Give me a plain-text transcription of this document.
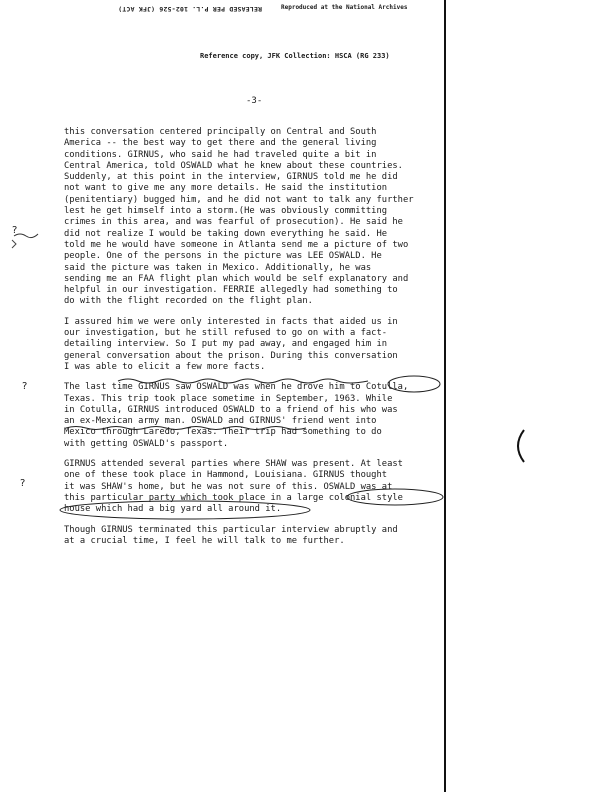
RELEASED PER P.L. 102-526 (JFK ACT)	Reproduced at the National Archives
Reference copy, JFK Collection: HSCA (RG 233)
-3-

this conversation centered principally on Central and South
America -- the best way to get there and the general living
conditions. GIRNUS, who said he had traveled quite a bit in
Central America, told OSWALD what he knew about these countries.
Suddenly, at this point in the interview, GIRNUS told me he did
not want to give me any more details. He said the institution
(penitentiary) bugged him, and he did not want to talk any further
lest he get himself into a storm.(He was obviously committing
crimes in this area, and was fearful of prosecution). He said he
did not realize I would be taking down everything he said. He
told me he would have someone in Atlanta send me a picture of two
people. One of the persons in the picture was LEE OSWALD. He
said the picture was taken in Mexico. Additionally, he was
sending me an FAA flight plan which would be self explanatory and
helpful in our investigation. FERRIE allegedly had something to
do with the flight recorded on the flight plan.

I assured him we were only interested in facts that aided us in
our investigation, but he still refused to go on with a fact-
detailing interview. So I put my pad away, and engaged him in
general conversation about the prison. During this conversation
I was able to elicit a few more facts.

The last time GIRNUS saw OSWALD was when he drove him to Cotulla,
Texas. This trip took place sometime in September, 1963. While
in Cotulla, GIRNUS introduced OSWALD to a friend of his who was
an ex-Mexican army man. OSWALD and GIRNUS' friend went into
Mexico through Laredo, Texas. Their trip had something to do
with getting OSWALD's passport.

GIRNUS attended several parties where SHAW was present. At least
one of these took place in Hammond, Louisiana. GIRNUS thought
it was SHAW's home, but he was not sure of this. OSWALD was at
this particular party which took place in a large colonial style
house which had a big yard all around it.

Though GIRNUS terminated this particular interview abruptly and
at a crucial time, I feel he will talk to me further.

?
?
?
